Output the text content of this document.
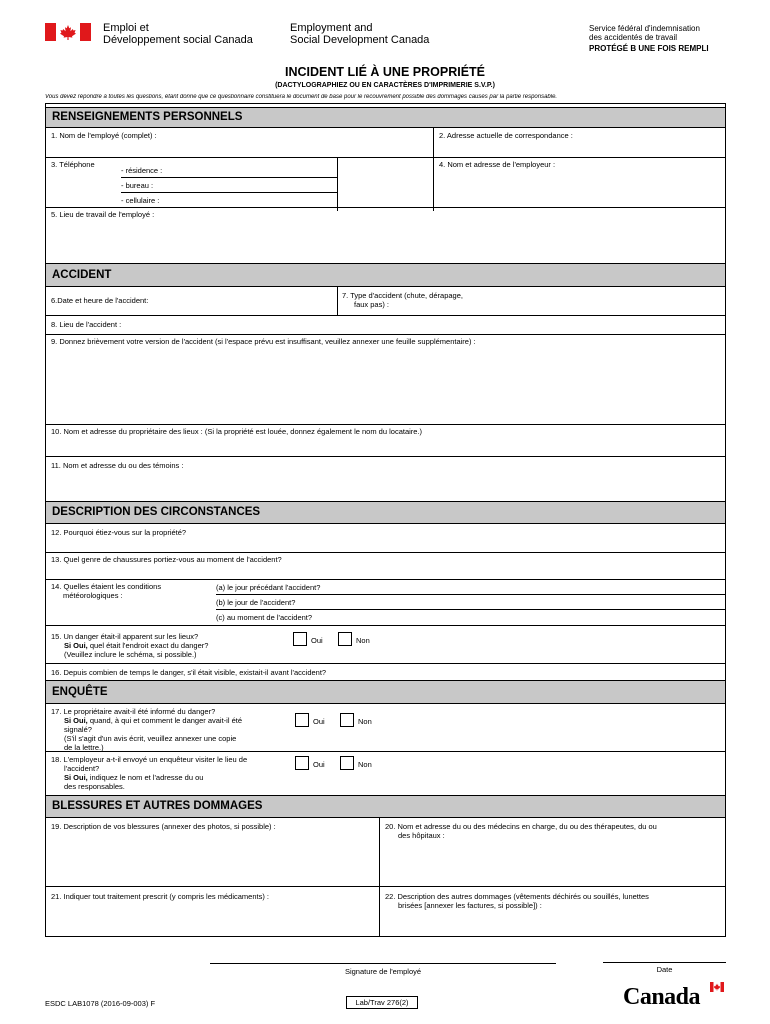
Emploi et
Développement social Canada
Employment and
Social Development Canada
Service fédéral d'indemnisation
des accidentés de travail
PROTÉGÉ B UNE FOIS REMPLI
INCIDENT LIÉ À UNE PROPRIÉTÉ
(DACTYLOGRAPHIEZ OU EN CARACTÈRES D'IMPRIMERIE S.V.P.)
Vous devez répondre à toutes les questions, étant donné que ce questionnaire constituera le document de base pour le recouvrement possible des dommages causés par la partie responsable.
RENSEIGNEMENTS PERSONNELS
1. Nom de l'employé (complet) :	2. Adresse actuelle de correspondance :
3. Téléphone
- résidence :
- bureau :
- cellulaire :
4. Nom et adresse de l'employeur :
5. Lieu de travail de l'employé :
ACCIDENT
6.Date et heure de l'accident:
7. Type d'accident (chute, dérapage,
faux pas) :
8. Lieu de l'accident :
9. Donnez brièvement votre version de l'accident (si l'espace prévu est insuffisant, veuillez annexer une feuille supplémentaire) :
10. Nom et adresse du propriétaire des lieux : (Si la propriété est louée, donnez également le nom du locataire.)
11. Nom et adresse du ou des témoins :
DESCRIPTION DES CIRCONSTANCES
12. Pourquoi étiez-vous sur la propriété?
13. Quel genre de chaussures portiez-vous au moment de l'accident?
14. Quelles étaient les conditions
météorologiques :
(a) le jour précédant l'accident?
(b) le jour de l'accident?
(c) au moment de l'accident?
15. Un danger était-il apparent sur les lieux?
Si Oui, quel était l'endroit exact du danger?
(Veuillez inclure le schéma, si possible.)
Oui	Non
16. Depuis combien de temps le danger, s'il était visible, existait-il avant l'accident?
ENQUÊTE
17. Le propriétaire avait-il été informé du danger?
Si Oui, quand, à qui et comment le danger avait-il été
signalé?
(S'il s'agit d'un avis écrit, veuillez annexer une copie
de la lettre.)
Oui	Non
18. L'employeur a-t-il envoyé un enquêteur visiter le lieu de
l'accident?
Si Oui, indiquez le nom et l'adresse du ou
des responsables.
Oui	Non
BLESSURES ET AUTRES DOMMAGES
19. Description de vos blessures (annexer des photos, si possible) :	20. Nom et adresse du ou des médecins en charge, du ou des thérapeutes, du ou
des hôpitaux :
21. Indiquer tout traitement prescrit (y compris les médicaments) :	22. Description des autres dommages (vêtements déchirés ou souillés, lunettes
brisées [annexer les factures, si possible]) :
Signature de l'employé	Date
ESDC LAB1078 (2016-09-003) F	Lab/Trav 276(2)	Canada
